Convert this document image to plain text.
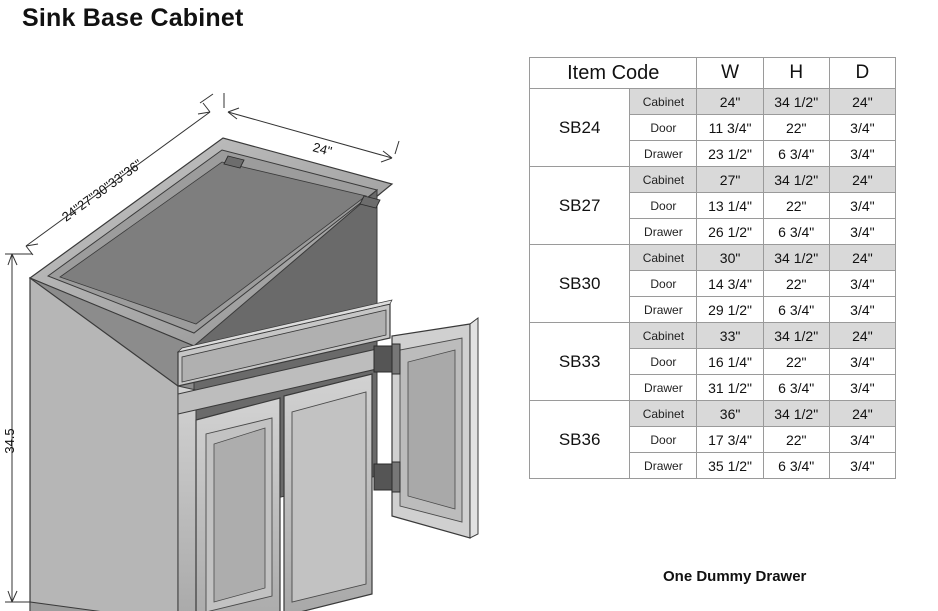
Sink Base Cabinet
24"27"30"33"36"
24"
34.5
Item Code		W	H	D
SB24	Cabinet	24"	34 1/2"	24"
	Door	11 3/4"	22"	3/4"
	Drawer	23 1/2"	6 3/4"	3/4"
SB27	Cabinet	27"	34 1/2"	24"
	Door	13 1/4"	22"	3/4"
	Drawer	26 1/2"	6 3/4"	3/4"
SB30	Cabinet	30"	34 1/2"	24"
	Door	14 3/4"	22"	3/4"
	Drawer	29 1/2"	6 3/4"	3/4"
SB33	Cabinet	33"	34 1/2"	24"
	Door	16 1/4"	22"	3/4"
	Drawer	31 1/2"	6 3/4"	3/4"
SB36	Cabinet	36"	34 1/2"	24"
	Door	17 3/4"	22"	3/4"
	Drawer	35 1/2"	6 3/4"	3/4"
One Dummy Drawer
